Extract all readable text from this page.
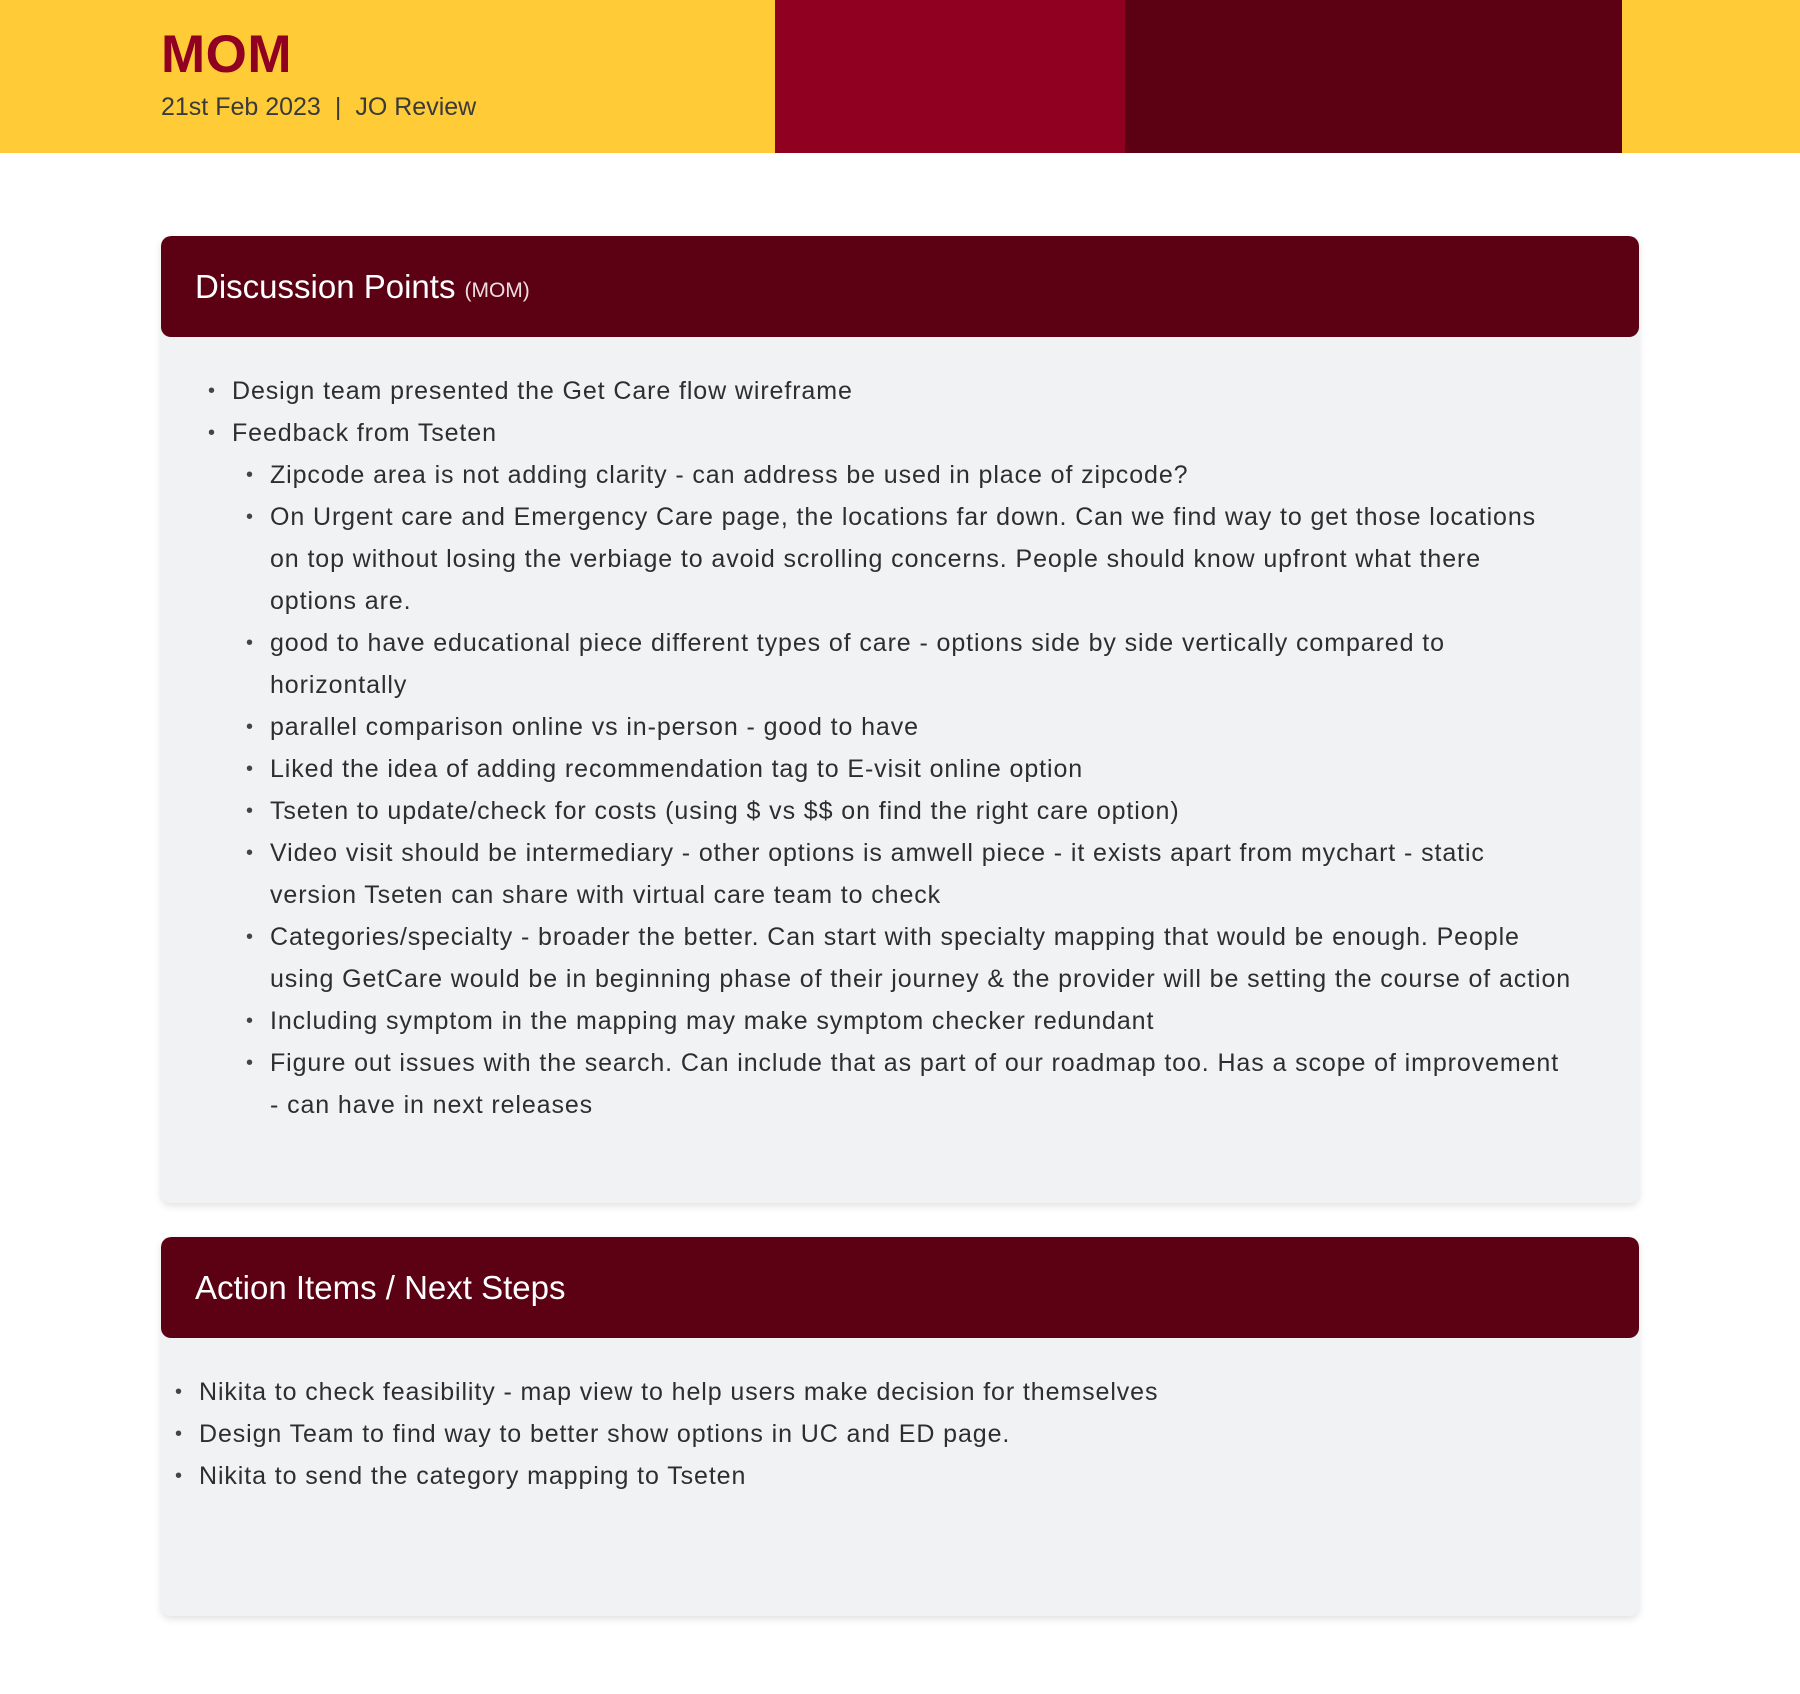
MOM
21st Feb 2023 | JO Review
Discussion Points (MOM)
• Design team presented the Get Care flow wireframe
• Feedback from Tseten
• Zipcode area is not adding clarity - can address be used in place of zipcode?
• On Urgent care and Emergency Care page, the locations far down. Can we find way to get those locations on top without losing the verbiage to avoid scrolling concerns. People should know upfront what there options are.
• good to have educational piece different types of care - options side by side vertically compared to horizontally
• parallel comparison online vs in-person - good to have
• Liked the idea of adding recommendation tag to E-visit online option
• Tseten to update/check for costs (using $ vs $$ on find the right care option)
• Video visit should be intermediary - other options is amwell piece - it exists apart from mychart - static version Tseten can share with virtual care team to check
• Categories/specialty - broader the better. Can start with specialty mapping that would be enough. People using GetCare would be in beginning phase of their journey & the provider will be setting the course of action
• Including symptom in the mapping may make symptom checker redundant
• Figure out issues with the search. Can include that as part of our roadmap too. Has a scope of improvement - can have in next releases
Action Items / Next Steps
• Nikita to check feasibility - map view to help users make decision for themselves
• Design Team to find way to better show options in UC and ED page.
• Nikita to send the category mapping to Tseten
